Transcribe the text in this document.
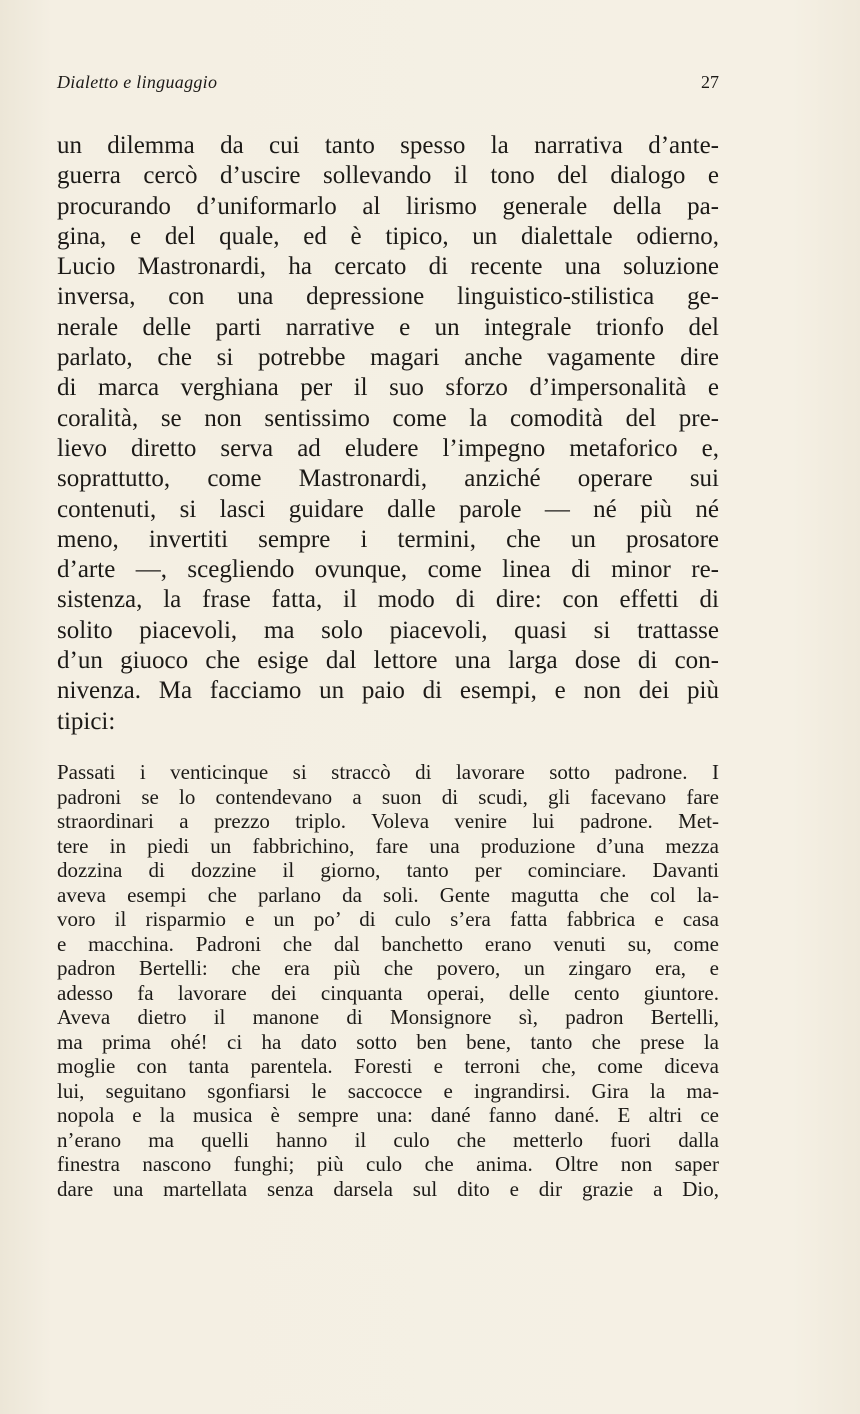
Dialetto e linguaggio	27
un dilemma da cui tanto spesso la narrativa d’ante-
guerra cercò d’uscire sollevando il tono del dialogo e
procurando d’uniformarlo al lirismo generale della pa-
gina, e del quale, ed è tipico, un dialettale odierno,
Lucio Mastronardi, ha cercato di recente una soluzione
inversa, con una depressione linguistico-stilistica ge-
nerale delle parti narrative e un integrale trionfo del
parlato, che si potrebbe magari anche vagamente dire
di marca verghiana per il suo sforzo d’impersonalità e
coralità, se non sentissimo come la comodità del pre-
lievo diretto serva ad eludere l’impegno metaforico e,
soprattutto, come Mastronardi, anziché operare sui
contenuti, si lasci guidare dalle parole — né più né
meno, invertiti sempre i termini, che un prosatore
d’arte —, scegliendo ovunque, come linea di minor re-
sistenza, la frase fatta, il modo di dire: con effetti di
solito piacevoli, ma solo piacevoli, quasi si trattasse
d’un giuoco che esige dal lettore una larga dose di con-
nivenza. Ma facciamo un paio di esempi, e non dei più
tipici:
Passati i venticinque si straccò di lavorare sotto padrone. I
padroni se lo contendevano a suon di scudi, gli facevano fare
straordinari a prezzo triplo. Voleva venire lui padrone. Met-
tere in piedi un fabbrichino, fare una produzione d’una mezza
dozzina di dozzine il giorno, tanto per cominciare. Davanti
aveva esempi che parlano da soli. Gente magutta che col la-
voro il risparmio e un po’ di culo s’era fatta fabbrica e casa
e macchina. Padroni che dal banchetto erano venuti su, come
padron Bertelli: che era più che povero, un zingaro era, e
adesso fa lavorare dei cinquanta operai, delle cento giuntore.
Aveva dietro il manone di Monsignore sì, padron Bertelli,
ma prima ohé! ci ha dato sotto ben bene, tanto che prese la
moglie con tanta parentela. Foresti e terroni che, come diceva
lui, seguitano sgonfiarsi le saccocce e ingrandirsi. Gira la ma-
nopola e la musica è sempre una: dané fanno dané. E altri ce
n’erano ma quelli hanno il culo che metterlo fuori dalla
finestra nascono funghi; più culo che anima. Oltre non saper
dare una martellata senza darsela sul dito e dir grazie a Dio,
